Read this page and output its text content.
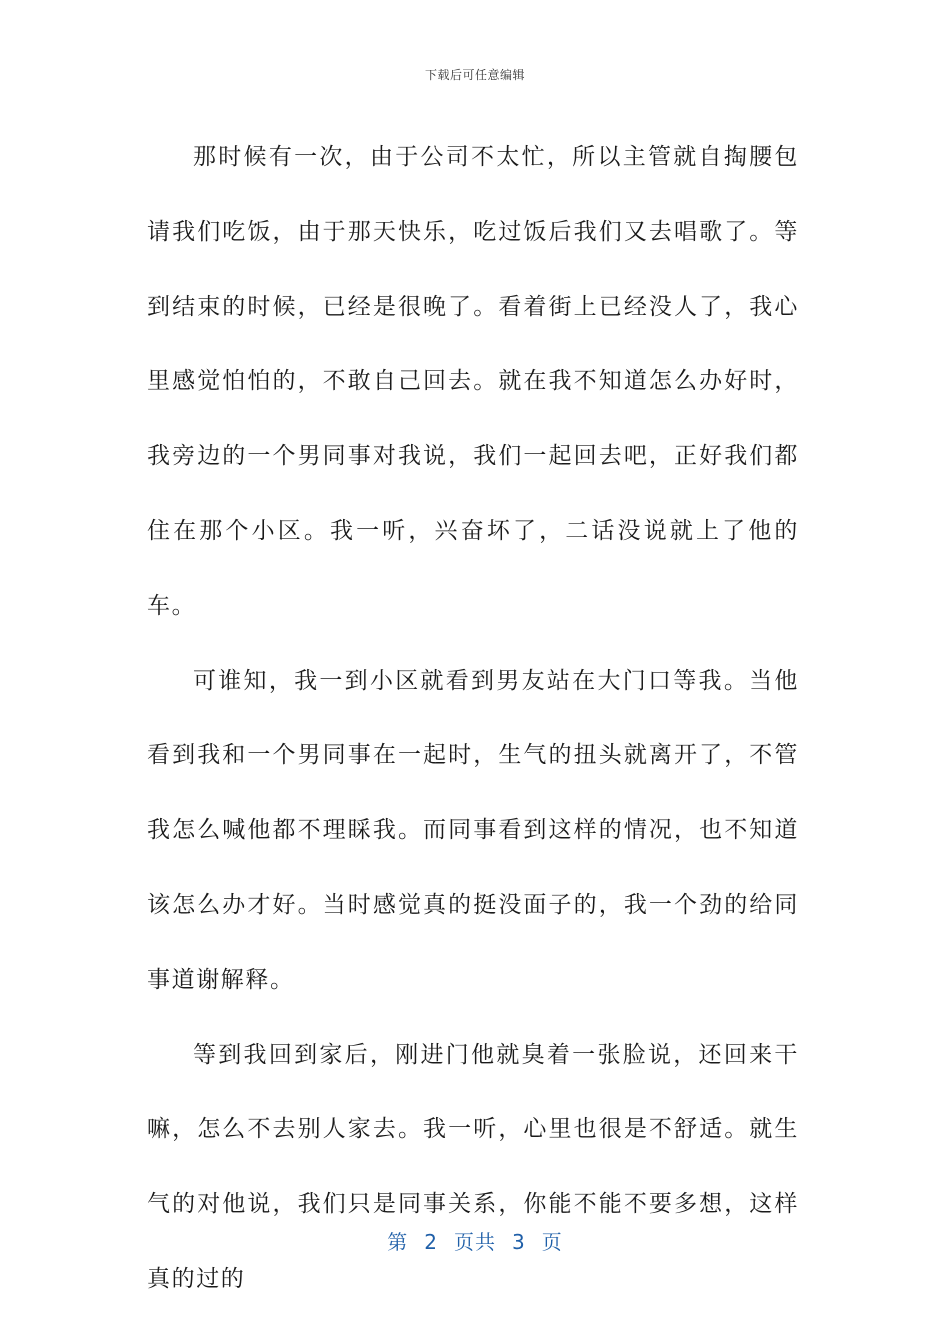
下载后可任意编辑

那时候有一次，由于公司不太忙，所以主管就自掏腰包请我们吃饭，由于那天快乐，吃过饭后我们又去唱歌了。等到结束的时候，已经是很晚了。看着街上已经没人了，我心里感觉怕怕的，不敢自己回去。就在我不知道怎么办好时，我旁边的一个男同事对我说，我们一起回去吧，正好我们都住在那个小区。我一听，兴奋坏了，二话没说就上了他的车。

可谁知，我一到小区就看到男友站在大门口等我。当他看到我和一个男同事在一起时，生气的扭头就离开了，不管我怎么喊他都不理睬我。而同事看到这样的情况，也不知道该怎么办才好。当时感觉真的挺没面子的，我一个劲的给同事道谢解释。

等到我回到家后，刚进门他就臭着一张脸说，还回来干嘛，怎么不去别人家去。我一听，心里也很是不舒适。就生气的对他说，我们只是同事关系，你能不能不要多想，这样真的过的

第 2 页共 3 页
